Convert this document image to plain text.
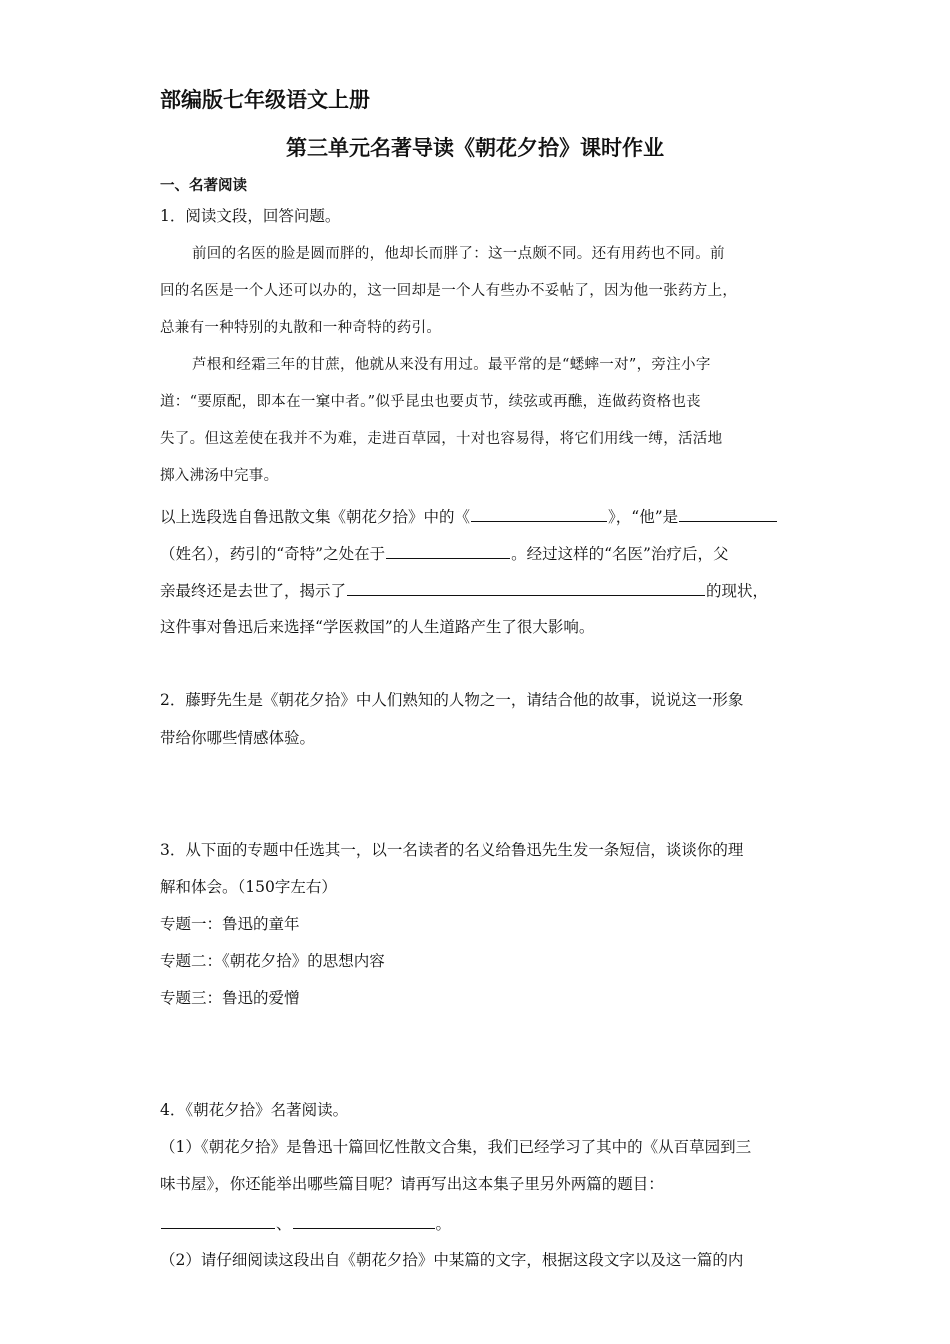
部编版七年级语文上册
第三单元名著导读《朝花夕拾》课时作业
一、名著阅读
1．阅读文段，回答问题。
前回的名医的脸是圆而胖的，他却长而胖了：这一点颇不同。还有用药也不同。前
回的名医是一个人还可以办的，这一回却是一个人有些办不妥帖了，因为他一张药方上，
总兼有一种特别的丸散和一种奇特的药引。
芦根和经霜三年的甘蔗，他就从来没有用过。最平常的是“蟋蟀一对”，旁注小字
道：“要原配，即本在一窠中者。”似乎昆虫也要贞节，续弦或再醮，连做药资格也丧
失了。但这差使在我并不为难，走进百草园，十对也容易得，将它们用线一缚，活活地
掷入沸汤中完事。
以上选段选自鲁迅散文集《朝花夕拾》中的《	》，“他”是
（姓名），药引的“奇特”之处在于	。经过这样的“名医”治疗后，父
亲最终还是去世了，揭示了	的现状，
这件事对鲁迅后来选择“学医救国”的人生道路产生了很大影响。
2．藤野先生是《朝花夕拾》中人们熟知的人物之一，请结合他的故事，说说这一形象
带给你哪些情感体验。
3．从下面的专题中任选其一，以一名读者的名义给鲁迅先生发一条短信，谈谈你的理
解和体会。（150字左右）
专题一：鲁迅的童年
专题二：《朝花夕拾》的思想内容
专题三：鲁迅的爱憎
4．《朝花夕拾》名著阅读。
（1）《朝花夕拾》是鲁迅十篇回忆性散文合集，我们已经学习了其中的《从百草园到三
味书屋》，你还能举出哪些篇目呢？请再写出这本集子里另外两篇的题目：
、	。
（2）请仔细阅读这段出自《朝花夕拾》中某篇的文字，根据这段文字以及这一篇的内
